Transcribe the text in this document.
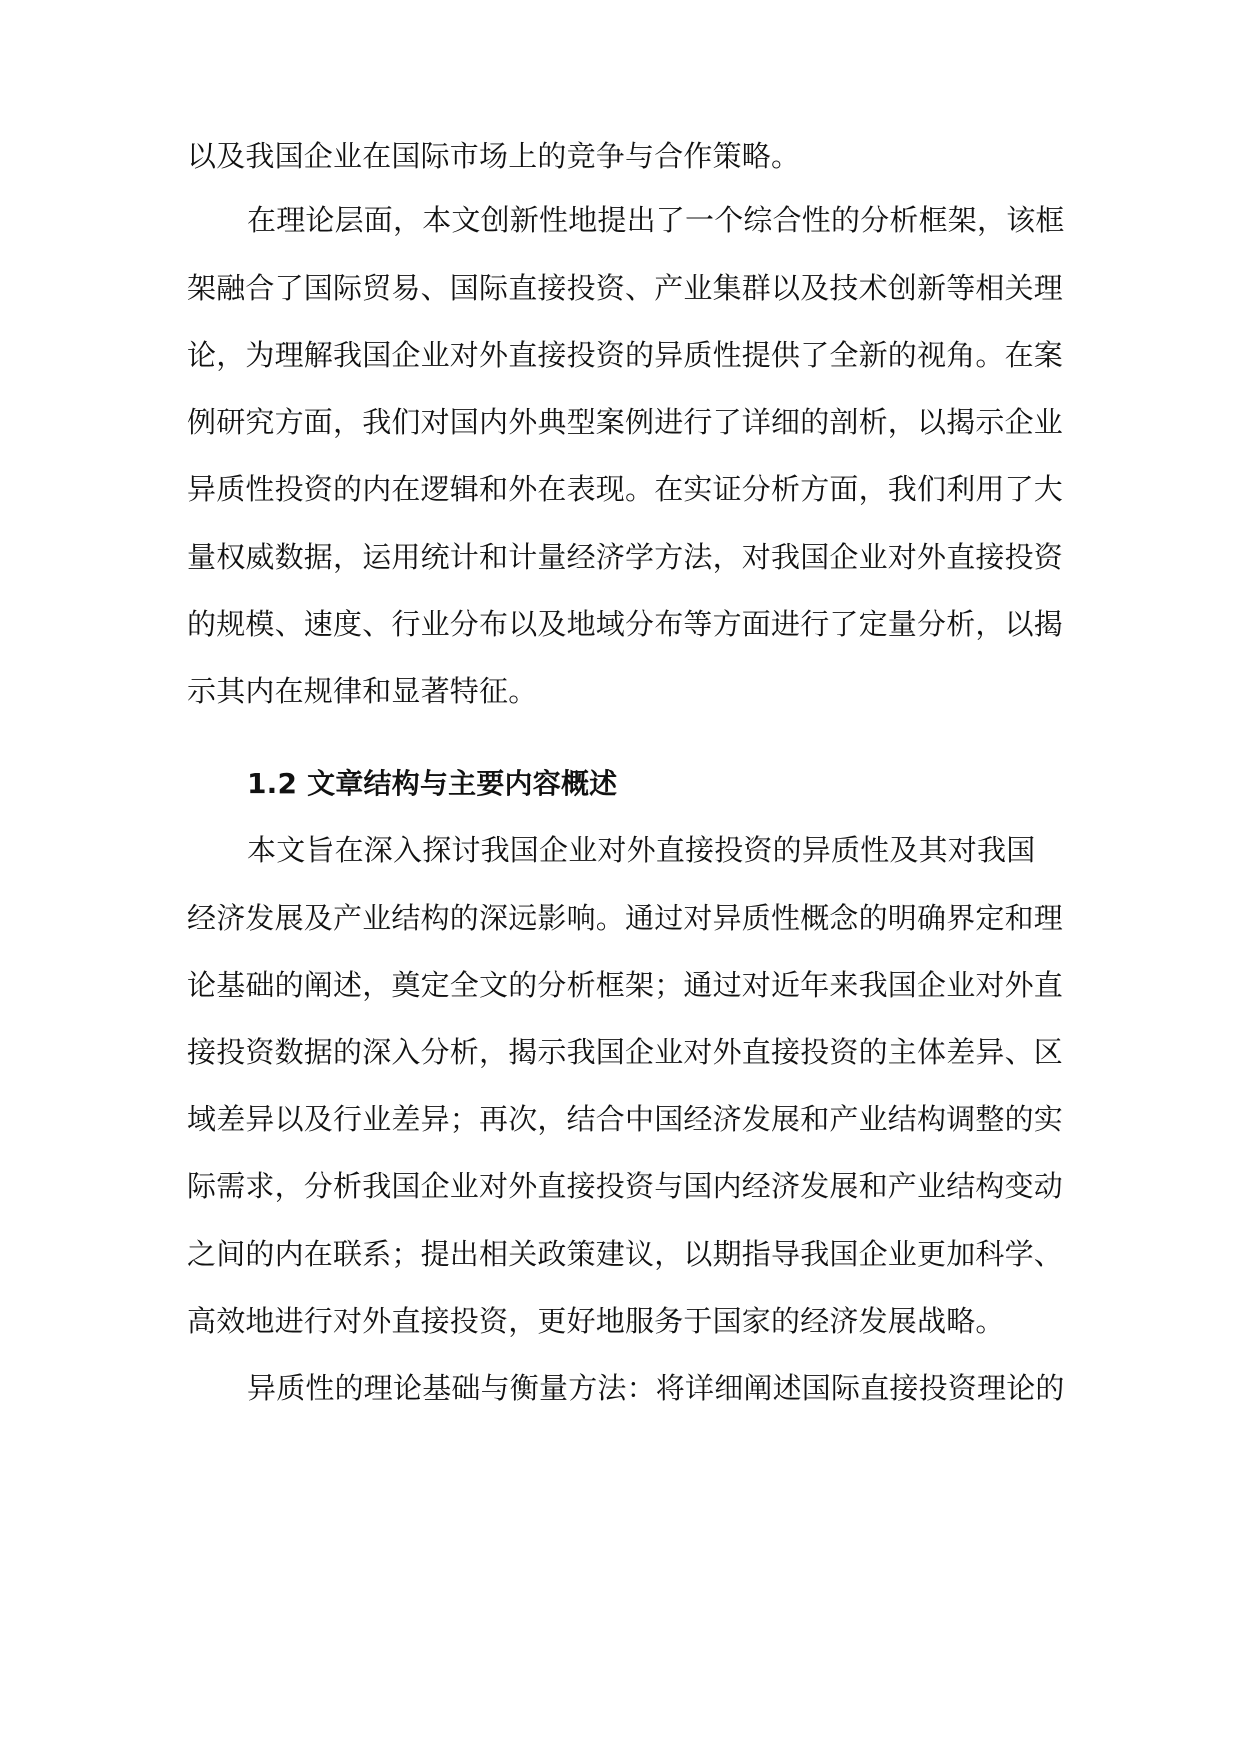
以及我国企业在国际市场上的竞争与合作策略。
在理论层面，本文创新性地提出了一个综合性的分析框架，该框
架融合了国际贸易、国际直接投资、产业集群以及技术创新等相关理
论，为理解我国企业对外直接投资的异质性提供了全新的视角。在案
例研究方面，我们对国内外典型案例进行了详细的剖析，以揭示企业
异质性投资的内在逻辑和外在表现。在实证分析方面，我们利用了大
量权威数据，运用统计和计量经济学方法，对我国企业对外直接投资
的规模、速度、行业分布以及地域分布等方面进行了定量分析，以揭
示其内在规律和显著特征。
1.2 文章结构与主要内容概述
本文旨在深入探讨我国企业对外直接投资的异质性及其对我国
经济发展及产业结构的深远影响。通过对异质性概念的明确界定和理
论基础的阐述，奠定全文的分析框架；通过对近年来我国企业对外直
接投资数据的深入分析，揭示我国企业对外直接投资的主体差异、区
域差异以及行业差异；再次，结合中国经济发展和产业结构调整的实
际需求，分析我国企业对外直接投资与国内经济发展和产业结构变动
之间的内在联系；提出相关政策建议，以期指导我国企业更加科学、
高效地进行对外直接投资，更好地服务于国家的经济发展战略。
异质性的理论基础与衡量方法：将详细阐述国际直接投资理论的
